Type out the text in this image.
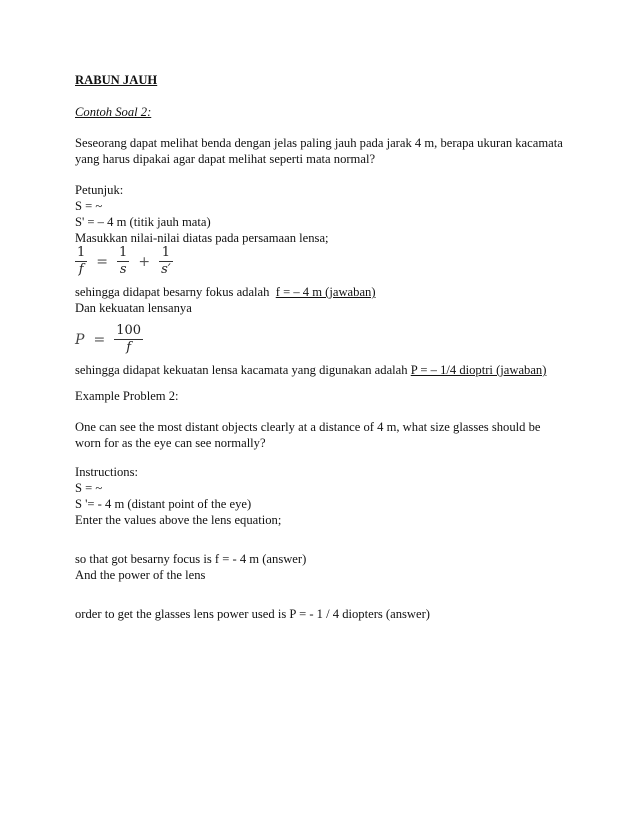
RABUN JAUH
Contoh Soal 2:
Seseorang dapat melihat benda dengan jelas paling jauh pada jarak 4 m, berapa ukuran kacamata yang harus dipakai agar dapat melihat seperti mata normal?
Petunjuk:
S = ~
S' = – 4 m (titik jauh mata)
Masukkan nilai-nilai diatas pada persamaan lensa;
$\frac{1}{f} = \frac{1}{s} + \frac{1}{s'}$
sehingga didapat besarny fokus adalah f = – 4 m (jawaban)
Dan kekuatan lensanya
$P = \frac{100}{f}$
sehingga didapat kekuatan lensa kacamata yang digunakan adalah P = – 1/4 dioptri (jawaban)
Example Problem 2:
One can see the most distant objects clearly at a distance of 4 m, what size glasses should be worn for as the eye can see normally?
Instructions:
S = ~
S '= - 4 m (distant point of the eye)
Enter the values above the lens equation;
so that got besarny focus is f = - 4 m (answer)
And the power of the lens
order to get the glasses lens power used is P = - 1 / 4 diopters (answer)
